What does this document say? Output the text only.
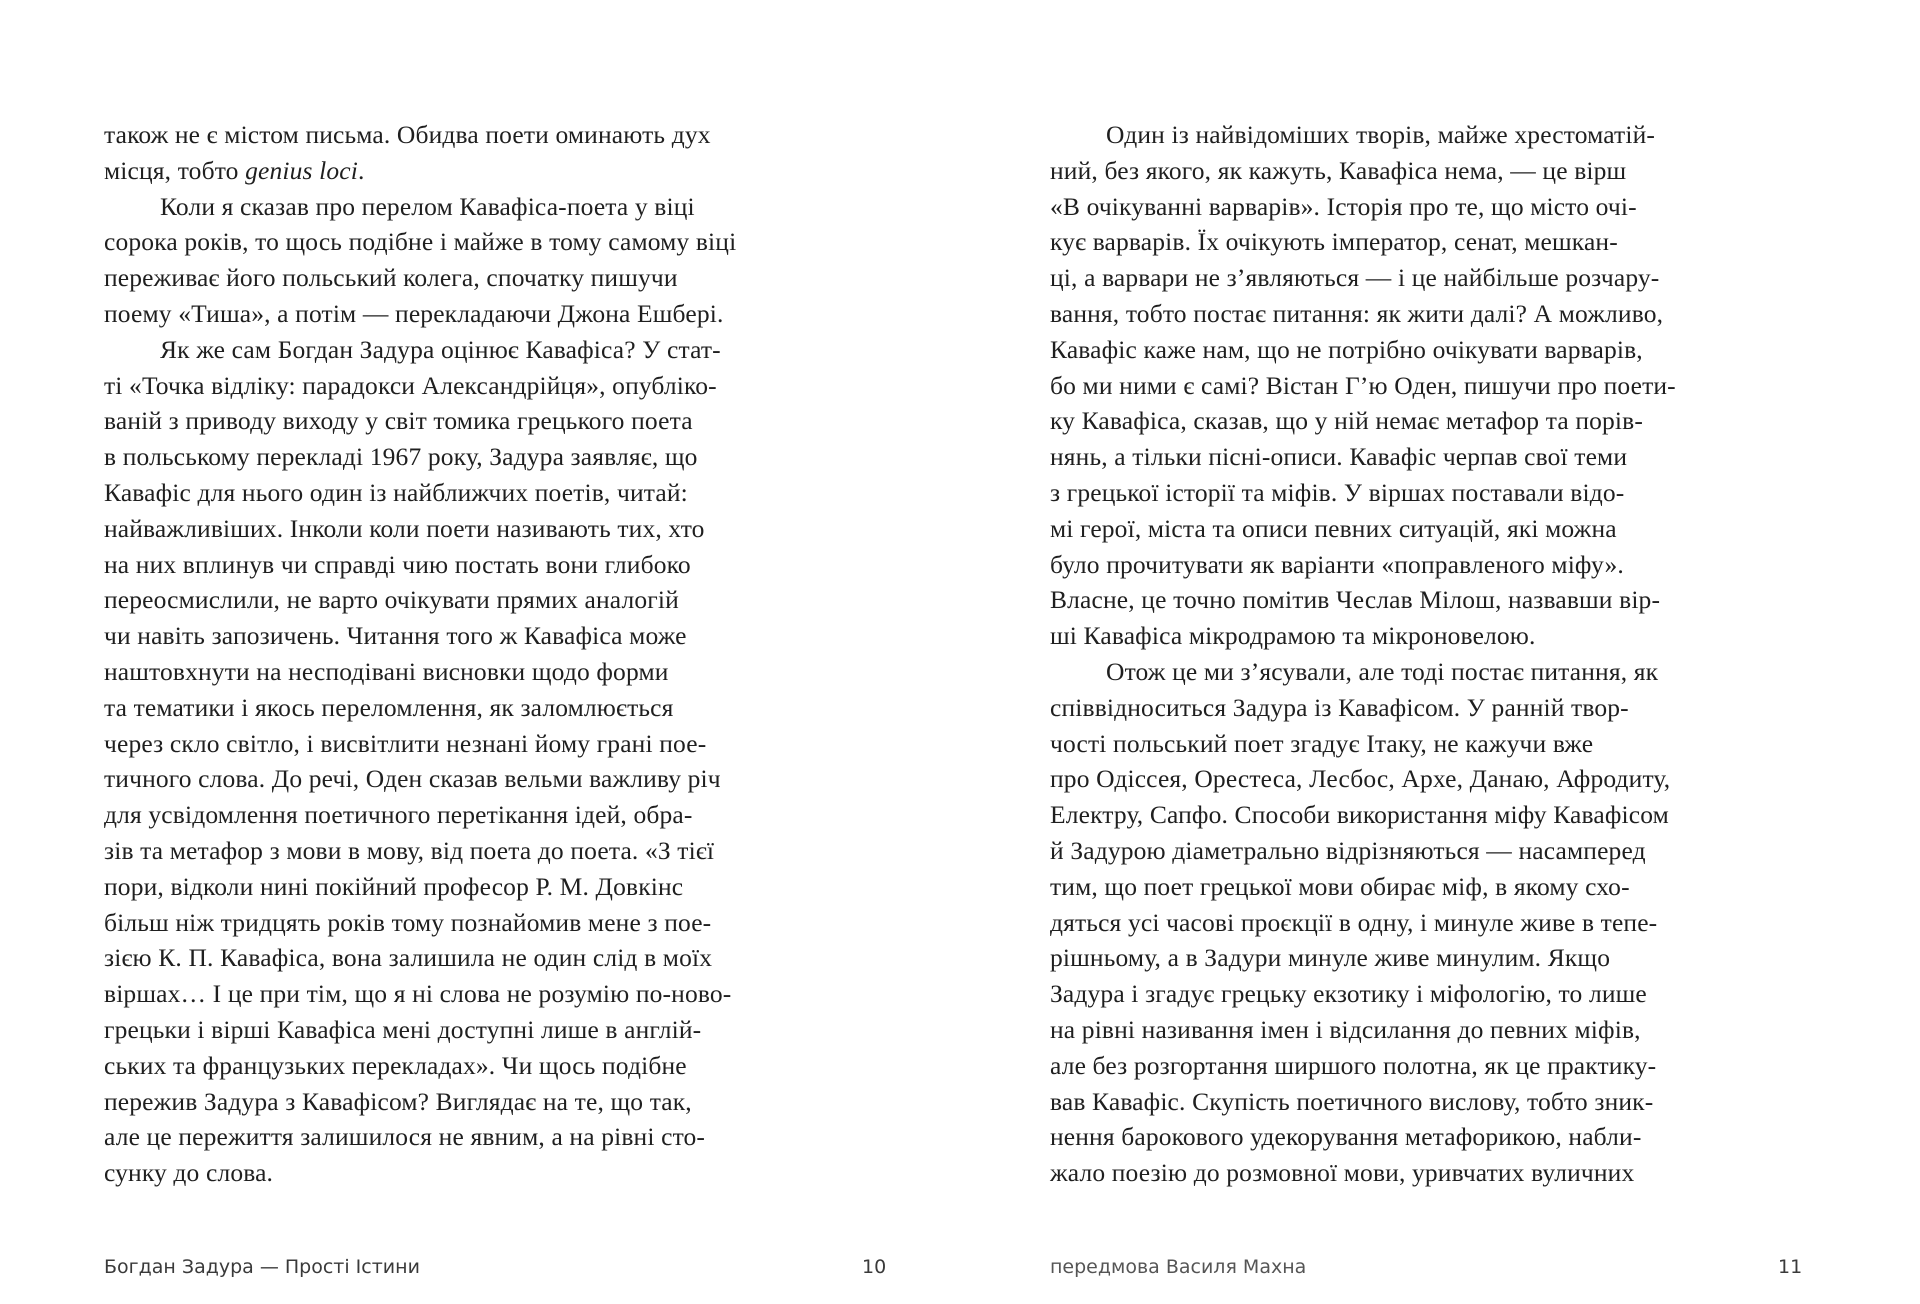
також не є містом письма. Обидва поети оминають дух
місця, тобто genius loci.
Коли я сказав про перелом Кавафіса-поета у віці
сорока років, то щось подібне і майже в тому самому віці
переживає його польський колега, спочатку пишучи
поему «Тиша», а потім — перекладаючи Джона Ешбері.
Як же сам Богдан Задура оцінює Кавафіса? У стат-
ті «Точка відліку: парадокси Александрійця», опублiко-
ваній з приводу виходу у світ томика грецького поета
в польському перекладі 1967 року, Задура заявляє, що
Кавафіс для нього один із найближчих поетів, читай:
найважливіших. Інколи коли поети називають тих, хто
на них вплинув чи справді чию постать вони глибоко
переосмислили, не варто очікувати прямих аналогій
чи навіть запозичень. Читання того ж Кавафіса може
наштовхнути на несподівані висновки щодо форми
та тематики і якось переломлення, як заломлюється
через скло світло, і висвітлити незнані йому грані пое-
тичного слова. До речі, Оден сказав вельми важливу річ
для усвідомлення поетичного перетікання ідей, обра-
зів та метафор з мови в мову, від поета до поета. «З тієї
пори, відколи нині покійний професор Р. М. Довкінс
більш ніж тридцять років тому познайомив мене з пое-
зією К. П. Кавафіса, вона залишила не один слід в моїх
віршах… І це при тім, що я ні слова не розумію по-ново-
грецьки і вірші Кавафіса мені доступні лише в англій-
ських та французьких перекладах». Чи щось подібне
пережив Задура з Кавафісом? Виглядає на те, що так,
але це пережиття залишилося не явним, а на рівні сто-
сунку до слова.
Богдан Задура — Прості Істини	10
Один із найвідоміших творів, майже хрестоматій-
ний, без якого, як кажуть, Кавафіса нема, — це вірш
«В очікуванні варварів». Історія про те, що місто очі-
кує варварів. Їх очікують імператор, сенат, мешкан-
ці, а варвари не з’являються — і це найбільше розчару-
вання, тобто постає питання: як жити далі? А можливо,
Кавафіс каже нам, що не потрібно очікувати варварів,
бо ми ними є самі? Вістан Г’ю Оден, пишучи про поети-
ку Кавафіса, сказав, що у ній немає метафор та порів-
нянь, а тільки пісні-описи. Кавафіс черпав свої теми
з грецької історії та міфів. У віршах поставали відо-
мі герої, міста та описи певних ситуацій, які можна
було прочитувати як варіанти «поправленого міфу».
Власне, це точно помітив Чеслав Мілош, назвавши вір-
ші Кавафіса мікродрамою та мікроновелою.
Отож це ми з’ясували, але тоді постає питання, як
співвідноситься Задура із Кавафісом. У ранній твор-
чості польський поет згадує Ітаку, не кажучи вже
про Одіссея, Орестеса, Лесбос, Архе, Данаю, Афродиту,
Електру, Сапфо. Способи використання міфу Кавафісом
й Задурою діаметрально відрізняються — насамперед
тим, що поет грецької мови обирає міф, в якому схо-
дяться усі часові проєкції в одну, і минуле живе в тепе-
рішньому, а в Задури минуле живе минулим. Якщо
Задура і згадує грецьку екзотику і міфологію, то лише
на рівні називання імен і відсилання до певних міфів,
але без розгортання ширшого полотна, як це практику-
вав Кавафіс. Скупість поетичного вислову, тобто зник-
нення барокового удекорування метафорикою, набли-
жало поезію до розмовної мови, уривчатих вуличних
передмова Василя Махна	11
